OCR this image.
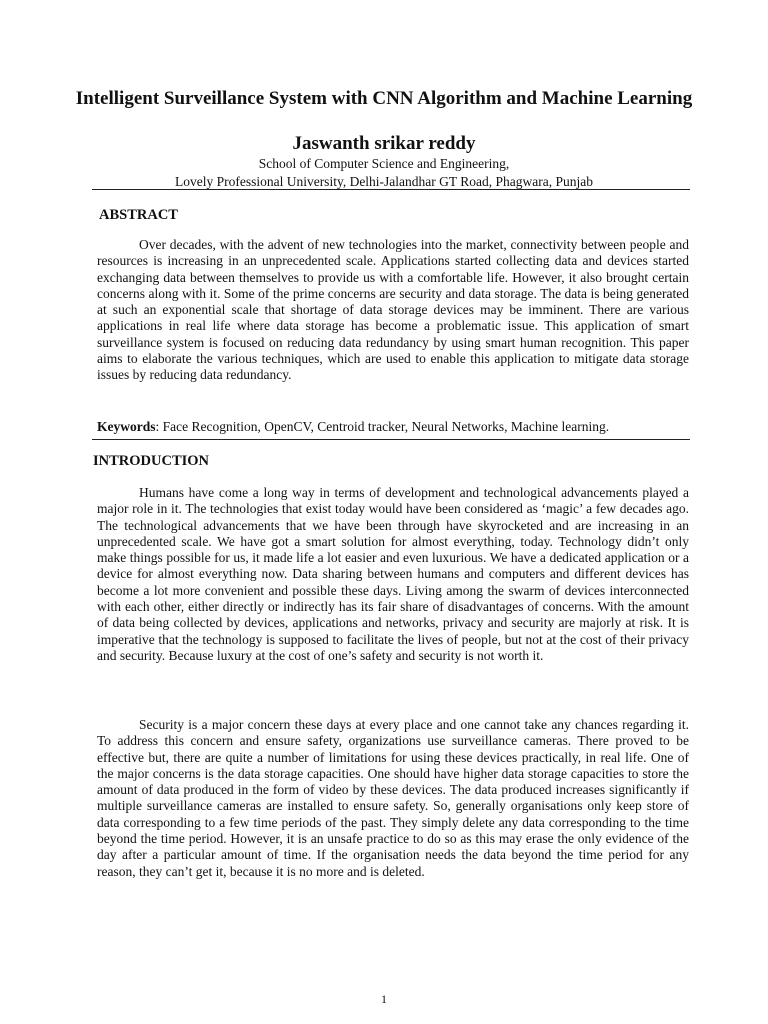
Intelligent Surveillance System with CNN Algorithm and Machine Learning
Jaswanth srikar reddy
School of Computer Science and Engineering,
Lovely Professional University, Delhi-Jalandhar GT Road, Phagwara, Punjab
ABSTRACT

Over decades, with the advent of new technologies into the market, connectivity between people and resources is increasing in an unprecedented scale. Applications started collecting data and devices started exchanging data between themselves to provide us with a comfortable life. However, it also brought certain concerns along with it. Some of the prime concerns are security and data storage. The data is being generated at such an exponential scale that shortage of data storage devices may be imminent. There are various applications in real life where data storage has become a problematic issue. This application of smart surveillance system is focused on reducing data redundancy by using smart human recognition. This paper aims to elaborate the various techniques, which are used to enable this application to mitigate data storage issues by reducing data redundancy.

Keywords: Face Recognition, OpenCV, Centroid tracker, Neural Networks, Machine learning.
INTRODUCTION

Humans have come a long way in terms of development and technological advancements played a major role in it. The technologies that exist today would have been considered as ‘magic’ a few decades ago. The technological advancements that we have been through have skyrocketed and are increasing in an unprecedented scale. We have got a smart solution for almost everything, today. Technology didn’t only make things possible for us, it made life a lot easier and even luxurious. We have a dedicated application or a device for almost everything now. Data sharing between humans and computers and different devices has become a lot more convenient and possible these days. Living among the swarm of devices interconnected with each other, either directly or indirectly has its fair share of disadvantages of concerns. With the amount of data being collected by devices, applications and networks, privacy and security are majorly at risk. It is imperative that the technology is supposed to facilitate the lives of people, but not at the cost of their privacy and security. Because luxury at the cost of one’s safety and security is not worth it.

Security is a major concern these days at every place and one cannot take any chances regarding it. To address this concern and ensure safety, organizations use surveillance cameras. There proved to be effective but, there are quite a number of limitations for using these devices practically, in real life. One of the major concerns is the data storage capacities. One should have higher data storage capacities to store the amount of data produced in the form of video by these devices. The data produced increases significantly if multiple surveillance cameras are installed to ensure safety. So, generally organisations only keep store of data corresponding to a few time periods of the past. They simply delete any data corresponding to the time beyond the time period. However, it is an unsafe practice to do so as this may erase the only evidence of the day after a particular amount of time. If the organisation needs the data beyond the time period for any reason, they can’t get it, because it is no more and is deleted.

1
